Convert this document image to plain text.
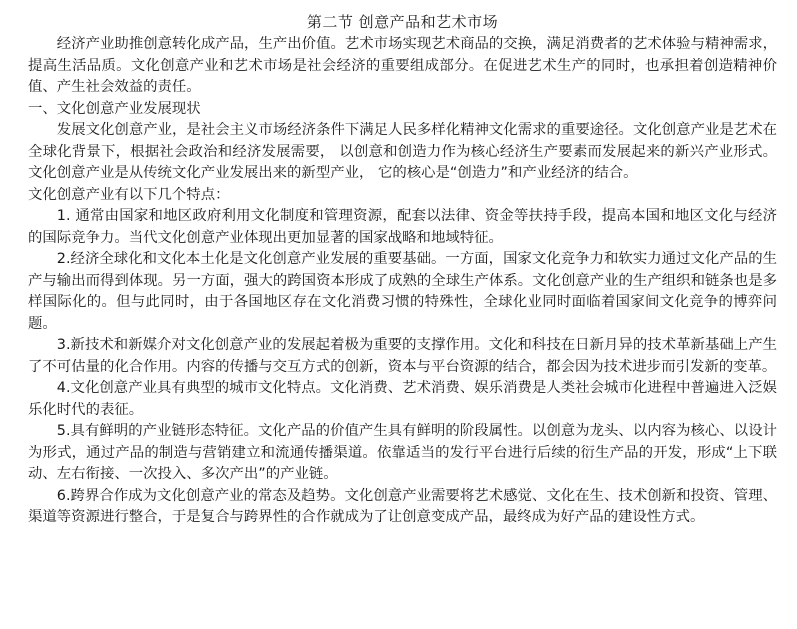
第二节 创意产品和艺术市场

经济产业助推创意转化成产品，生产出价值。艺术市场实现艺术商品的交换，满足消费者的艺术体验与精神需求，提高生活品质。文化创意产业和艺术市场是社会经济的重要组成部分。在促进艺术生产的同时，也承担着创造精神价值、产生社会效益的责任。

一、文化创意产业发展现状

发展文化创意产业，是社会主义市场经济条件下满足人民多样化精神文化需求的重要途径。文化创意产业是艺术在全球化背景下，根据社会政治和经济发展需要， 以创意和创造力作为核心经济生产要素而发展起来的新兴产业形式。文化创意产业是从传统文化产业发展出来的新型产业， 它的核心是“创造力”和产业经济的结合。

文化创意产业有以下几个特点：

1. 通常由国家和地区政府利用文化制度和管理资源，配套以法律、资金等扶持手段，提高本国和地区文化与经济的国际竞争力。当代文化创意产业体现出更加显著的国家战略和地域特征。

2.经济全球化和文化本土化是文化创意产业发展的重要基础。一方面，国家文化竞争力和软实力通过文化产品的生产与输出而得到体现。另一方面，强大的跨国资本形成了成熟的全球生产体系。文化创意产业的生产组织和链条也是多样国际化的。但与此同时，由于各国地区存在文化消费习惯的特殊性，全球化业同时面临着国家间文化竞争的博弈问题。

3.新技术和新媒介对文化创意产业的发展起着极为重要的支撑作用。文化和科技在日新月异的技术革新基础上产生了不可估量的化合作用。内容的传播与交互方式的创新，资本与平台资源的结合，都会因为技术进步而引发新的变革。

4.文化创意产业具有典型的城市文化特点。文化消费、艺术消费、娱乐消费是人类社会城市化进程中普遍进入泛娱乐化时代的表征。

5.具有鲜明的产业链形态特征。文化产品的价值产生具有鲜明的阶段属性。以创意为龙头、以内容为核心、以设计为形式，通过产品的制造与营销建立和流通传播渠道。依靠适当的发行平台进行后续的衍生产品的开发，形成“上下联动、左右衔接、一次投入、多次产出”的产业链。

6.跨界合作成为文化创意产业的常态及趋势。文化创意产业需要将艺术感觉、文化在生、技术创新和投资、管理、渠道等资源进行整合，于是复合与跨界性的合作就成为了让创意变成产品，最终成为好产品的建设性方式。
